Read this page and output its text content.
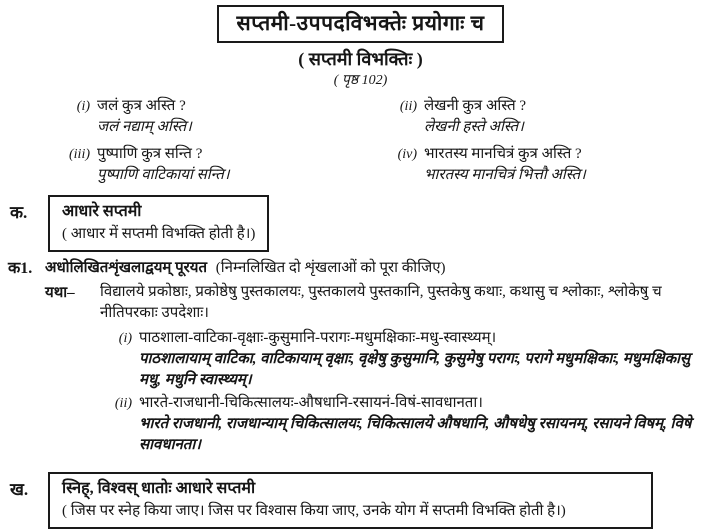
सप्तमी-उपपदविभक्तेः प्रयोगाः च
( सप्तमी विभक्तिः )
( पृष्ठ 102)
(i) जलं कुत्र अस्ति ?
जलं नद्याम् अस्ति।
(ii) लेखनी कुत्र अस्ति ?
लेखनी हस्ते अस्ति।
(iii) पुष्पाणि कुत्र सन्ति ?
पुष्पाणि वाटिकायां सन्ति।
(iv) भारतस्य मानचित्रं कुत्र अस्ति ?
भारतस्य मानचित्रं भित्तौ अस्ति।
क.	आधारे सप्तमी
( आधार में सप्तमी विभक्ति होती है।)
क1. अधोलिखितशृंखलाद्वयम् पूरयत (निम्नलिखित दो शृंखलाओं को पूरा कीजिए)
यथा–	विद्यालये प्रकोष्ठाः, प्रकोष्ठेषु पुस्तकालयः, पुस्तकालये पुस्तकानि, पुस्तकेषु कथाः, कथासु च श्लोकाः, श्लोकेषु च नीतिपरकाः उपदेशाः।
(i) पाठशाला-वाटिका-वृक्षाः-कुसुमानि-परागः-मधुमक्षिकाः-मधु-स्वास्थ्यम्।
पाठशालायाम् वाटिका, वाटिकायाम् वृक्षाः, वृक्षेषु कुसुमानि, कुसुमेषु परागः, परागे मधुमक्षिकाः, मधुमक्षिकासु मधु, मधुनि स्वास्थ्यम्।
(ii) भारते-राजधानी-चिकित्सालयः-औषधानि-रसायनं-विषं-सावधानता।
भारते राजधानी, राजधान्याम् चिकित्सालयः, चिकित्सालये औषधानि, औषधेषु रसायनम्, रसायने विषम्, विषे सावधानता।
ख.	स्निह्, विश्वस् धातोः आधारे सप्तमी
( जिस पर स्नेह किया जाए। जिस पर विश्वास किया जाए, उनके योग में सप्तमी विभक्ति होती है।)
